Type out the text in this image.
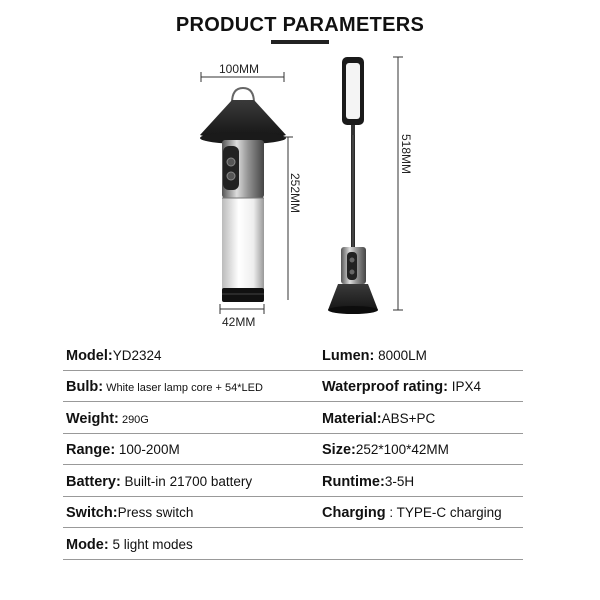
PRODUCT PARAMETERS
100MM
252MM
42MM
518MM
Model:YD2324	Lumen: 8000LM
Bulb: White laser lamp core + 54*LED	Waterproof rating: IPX4
Weight: 290G	Material:ABS+PC
Range: 100-200M	Size:252*100*42MM
Battery: Built-in 21700 battery	Runtime:3-5H
Switch:Press switch	Charging : TYPE-C charging
Mode: 5 light modes
